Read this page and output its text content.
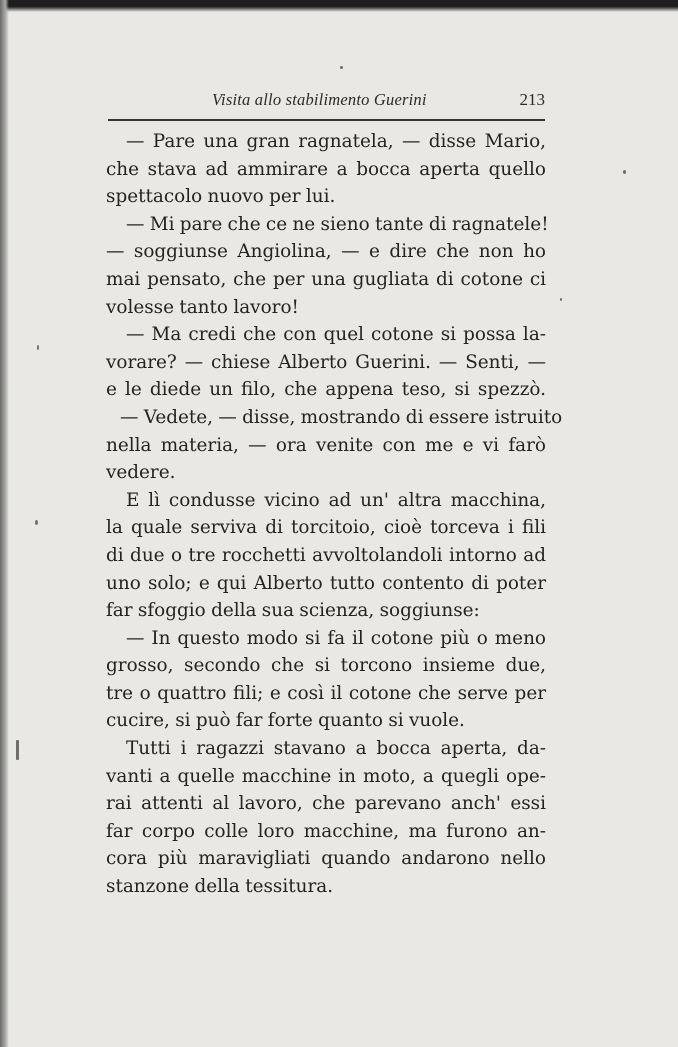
Visita allo stabilimento Guerini	213
— Pare una gran ragnatela, — disse Mario,
che stava ad ammirare a bocca aperta quello
spettacolo nuovo per lui.
— Mi pare che ce ne sieno tante di ragnatele!
— soggiunse Angiolina, — e dire che non ho
mai pensato, che per una gugliata di cotone ci
volesse tanto lavoro!
— Ma credi che con quel cotone si possa la-
vorare? — chiese Alberto Guerini. — Senti, —
e le diede un filo, che appena teso, si spezzò.
— Vedete, — disse, mostrando di essere istruito
nella materia, — ora venite con me e vi farò
vedere.
E lì condusse vicino ad un' altra macchina,
la quale serviva di torcitoio, cioè torceva i fili
di due o tre rocchetti avvoltolandoli intorno ad
uno solo; e qui Alberto tutto contento di poter
far sfoggio della sua scienza, soggiunse:
— In questo modo si fa il cotone più o meno
grosso, secondo che si torcono insieme due,
tre o quattro fili; e così il cotone che serve per
cucire, si può far forte quanto si vuole.
Tutti i ragazzi stavano a bocca aperta, da-
vanti a quelle macchine in moto, a quegli ope-
rai attenti al lavoro, che parevano anch' essi
far corpo colle loro macchine, ma furono an-
cora più maravigliati quando andarono nello
stanzone della tessitura.
